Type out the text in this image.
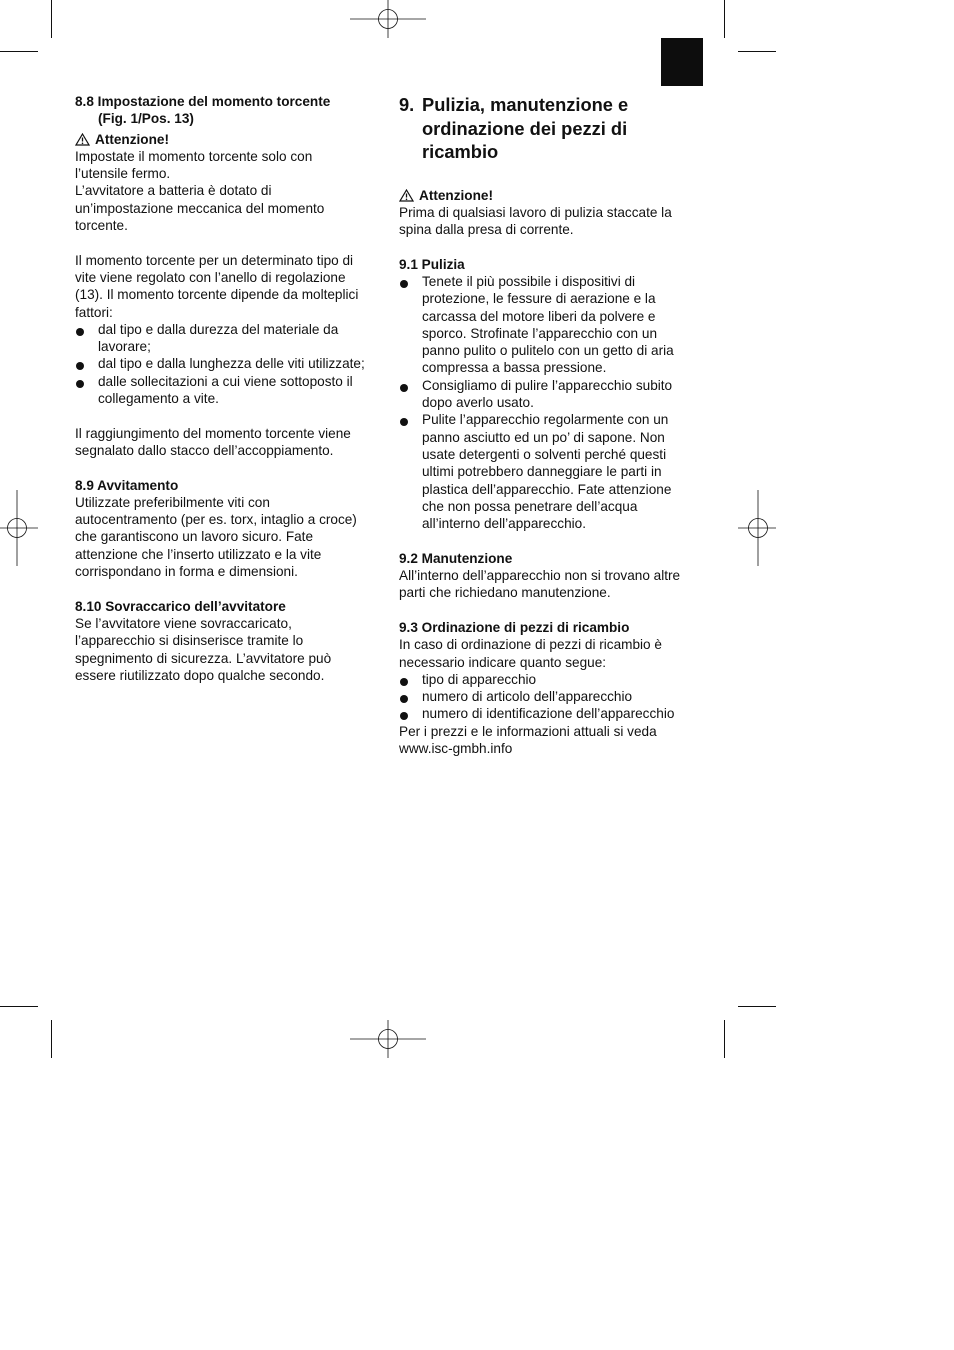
8.8 Impostazione del momento torcente
(Fig. 1/Pos. 13)
Attenzione!

Impostate il momento torcente solo con
l’utensile fermo.

L’avvitatore a batteria è dotato di
un’impostazione meccanica del momento
torcente.

Il momento torcente per un determinato tipo di
vite viene regolato con l’anello di regolazione
(13). Il momento torcente dipende da molteplici
fattori:

dal tipo e dalla durezza del materiale da
lavorare;
dal tipo e dalla lunghezza delle viti utilizzate;
dalle sollecitazioni a cui viene sottoposto il
collegamento a vite.

Il raggiungimento del momento torcente viene
segnalato dallo stacco dell’accoppiamento.

8.9 Avvitamento

Utilizzate preferibilmente viti con
autocentramento (per es. torx, intaglio a croce)
che garantiscono un lavoro sicuro. Fate
attenzione che l’inserto utilizzato e la vite
corrispondano in forma e dimensioni.

8.10 Sovraccarico dell’avvitatore

Se l’avvitatore viene sovraccaricato,
l’apparecchio si disinserisce tramite lo
spegnimento di sicurezza. L’avvitatore può
essere riutilizzato dopo qualche secondo.

9. Pulizia, manutenzione e
ordinazione dei pezzi di
ricambio
Attenzione!

Prima di qualsiasi lavoro di pulizia staccate la
spina dalla presa di corrente.

9.1 Pulizia
Tenete il più possibile i dispositivi di
protezione, le fessure di aerazione e la
carcassa del motore liberi da polvere e
sporco. Strofinate l’apparecchio con un
panno pulito o pulitelo con un getto di aria
compressa a bassa pressione.
Consigliamo di pulire l’apparecchio subito
dopo averlo usato.
Pulite l’apparecchio regolarmente con un
panno asciutto ed un po’ di sapone. Non
usate detergenti o solventi perché questi
ultimi potrebbero danneggiare le parti in
plastica dell’apparecchio. Fate attenzione
che non possa penetrare dell’acqua
all’interno dell’apparecchio.
9.2 Manutenzione

All’interno dell’apparecchio non si trovano altre
parti che richiedano manutenzione.

9.3 Ordinazione di pezzi di ricambio

In caso di ordinazione di pezzi di ricambio è
necessario indicare quanto segue:

tipo di apparecchio
numero di articolo dell’apparecchio
numero di identificazione dell’apparecchio

Per i prezzi e le informazioni attuali si veda
www.isc-gmbh.info
